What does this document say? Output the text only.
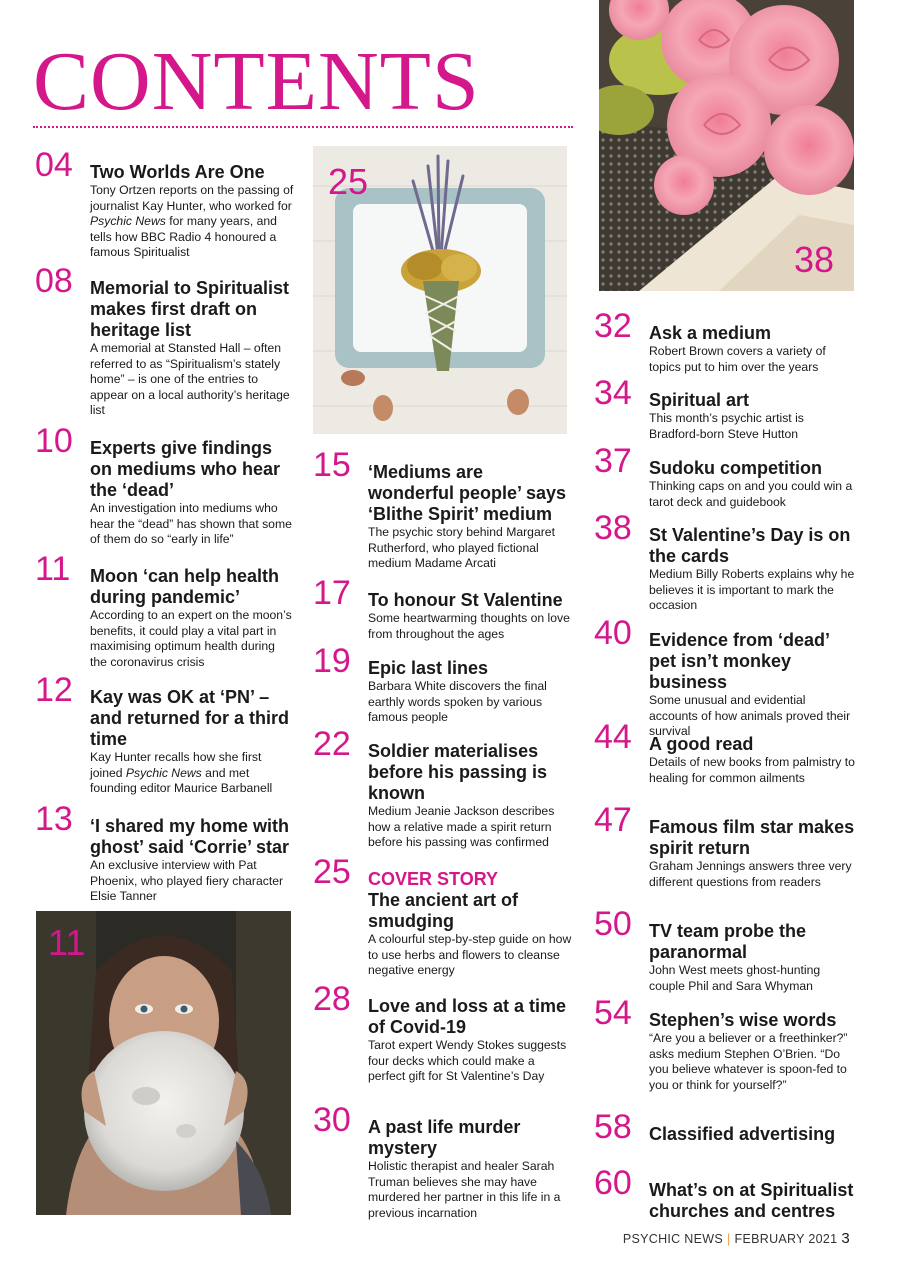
CONTENTS
38
25
11
04 Two Worlds Are One
Tony Ortzen reports on the passing of journalist Kay Hunter, who worked for Psychic News for many years, and tells how BBC Radio 4 honoured a famous Spiritualist
08 Memorial to Spiritualist makes first draft on heritage list
A memorial at Stansted Hall – often referred to as “Spiritualism’s stately home” – is one of the entries to appear on a local authority’s heritage list
10 Experts give findings on mediums who hear the ‘dead’
An investigation into mediums who hear the “dead” has shown that some of them do so “early in life”
11 Moon ‘can help health during pandemic’
According to an expert on the moon’s benefits, it could play a vital part in maximising optimum health during the coronavirus crisis
12 Kay was OK at ‘PN’ – and returned for a third time
Kay Hunter recalls how she first joined Psychic News and met founding editor Maurice Barbanell
13 ‘I shared my home with ghost’ said ‘Corrie’ star
An exclusive interview with Pat Phoenix, who played fiery character Elsie Tanner
15 ‘Mediums are wonderful people’ says ‘Blithe Spirit’ medium
The psychic story behind Margaret Rutherford, who played fictional medium Madame Arcati
17 To honour St Valentine
Some heartwarming thoughts on love from throughout the ages
19 Epic last lines
Barbara White discovers the final earthly words spoken by various famous people
22 Soldier materialises before his passing is known
Medium Jeanie Jackson describes how a relative made a spirit return before his passing was confirmed
25 COVER STORY
The ancient art of smudging
A colourful step-by-step guide on how to use herbs and flowers to cleanse negative energy
28 Love and loss at a time of Covid-19
Tarot expert Wendy Stokes suggests four decks which could make a perfect gift for St Valentine’s Day
30 A past life murder mystery
Holistic therapist and healer Sarah Truman believes she may have murdered her partner in this life in a previous incarnation
32 Ask a medium
Robert Brown covers a variety of topics put to him over the years
34 Spiritual art
This month’s psychic artist is Bradford-born Steve Hutton
37 Sudoku competition
Thinking caps on and you could win a tarot deck and guidebook
38 St Valentine’s Day is on the cards
Medium Billy Roberts explains why he believes it is important to mark the occasion
40 Evidence from ‘dead’ pet isn’t monkey business
Some unusual and evidential accounts of how animals proved their survival
44 A good read
Details of new books from palmistry to healing for common ailments
47 Famous film star makes spirit return
Graham Jennings answers three very different questions from readers
50 TV team probe the paranormal
John West meets ghost-hunting couple Phil and Sara Whyman
54 Stephen’s wise words
“Are you a believer or a freethinker?” asks medium Stephen O’Brien. “Do you believe whatever is spoon-fed to you or think for yourself?”
58 Classified advertising
60 What’s on at Spiritualist churches and centres
PSYCHIC NEWS | FEBRUARY 2021 3
